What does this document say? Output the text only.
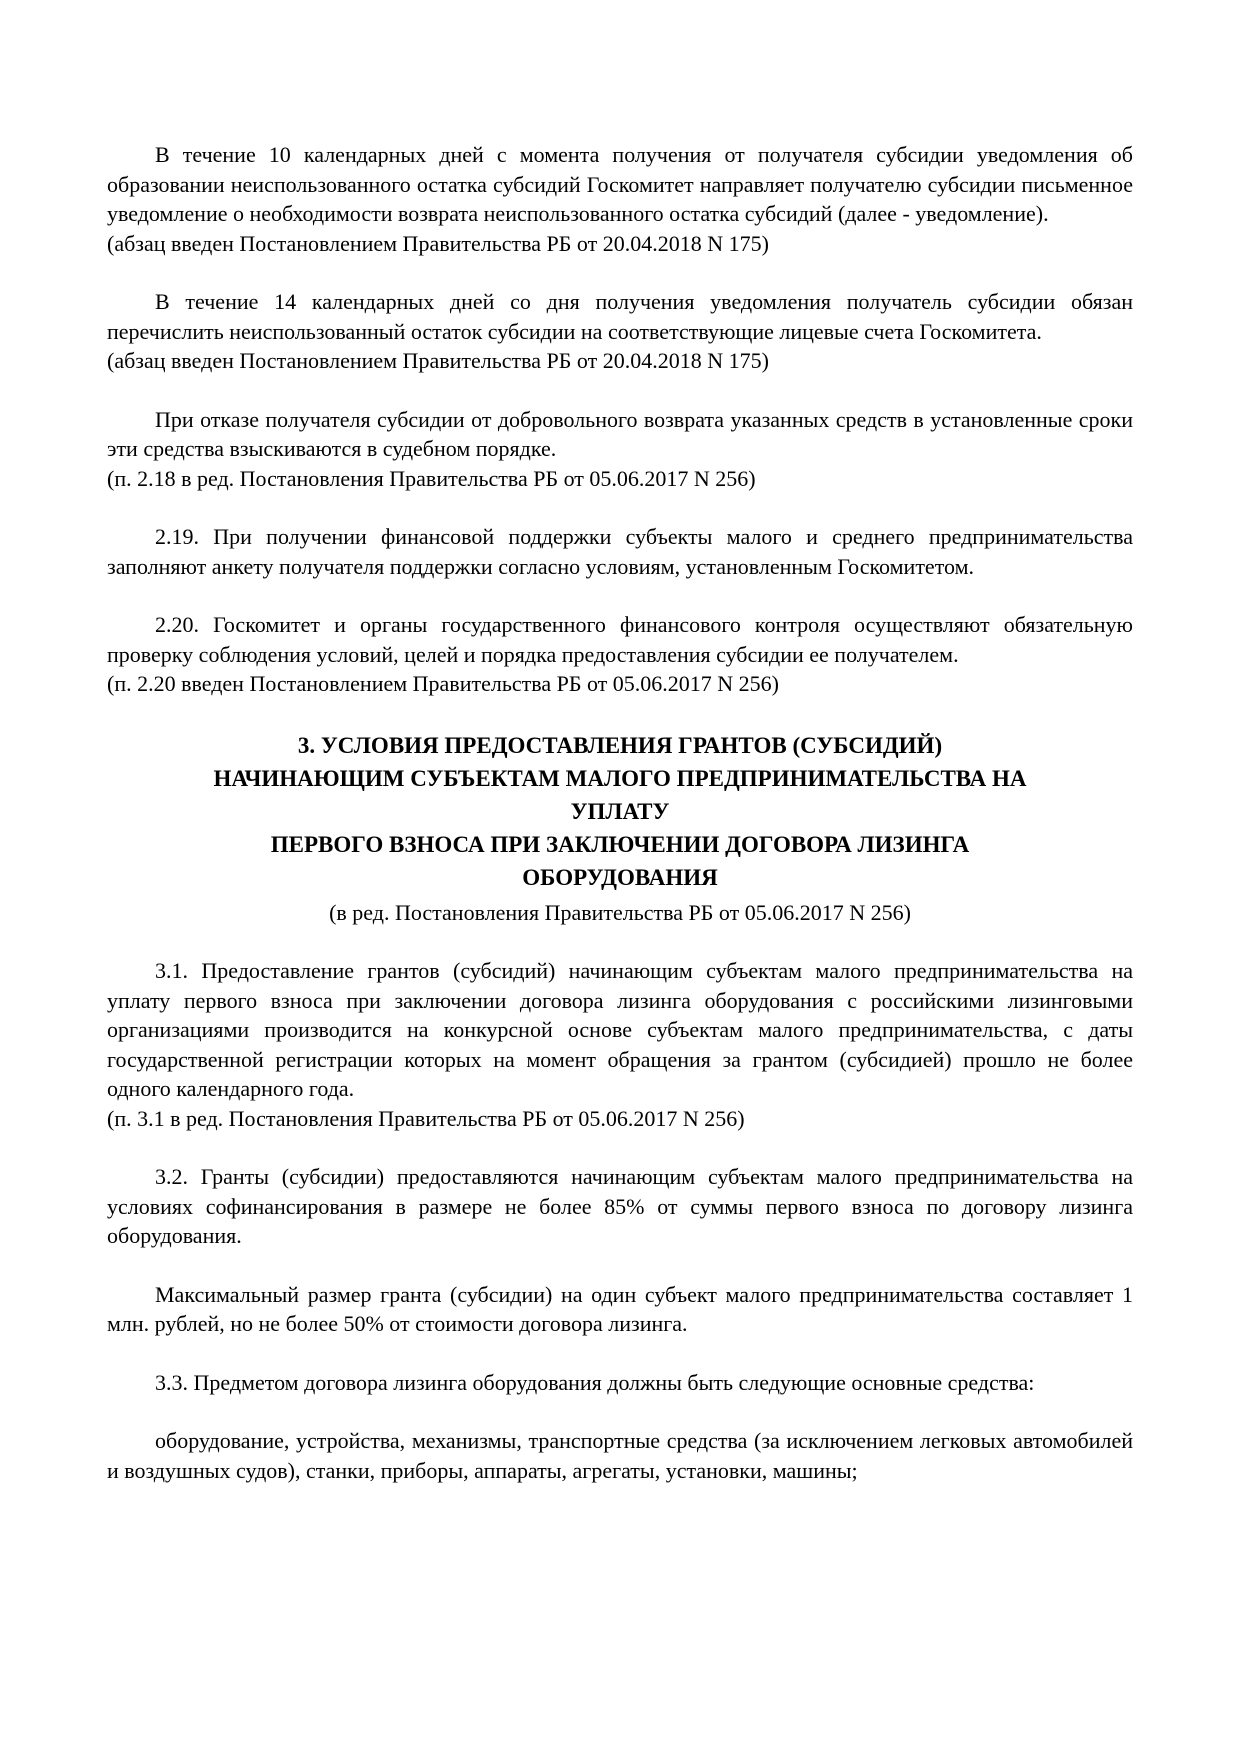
В течение 10 календарных дней с момента получения от получателя субсидии уведомления об образовании неиспользованного остатка субсидий Госкомитет направляет получателю субсидии письменное уведомление о необходимости возврата неиспользованного остатка субсидий (далее - уведомление).

(абзац введен Постановлением Правительства РБ от 20.04.2018 N 175)

В течение 14 календарных дней со дня получения уведомления получатель субсидии обязан перечислить неиспользованный остаток субсидии на соответствующие лицевые счета Госкомитета.

(абзац введен Постановлением Правительства РБ от 20.04.2018 N 175)

При отказе получателя субсидии от добровольного возврата указанных средств в установленные сроки эти средства взыскиваются в судебном порядке.

(п. 2.18 в ред. Постановления Правительства РБ от 05.06.2017 N 256)

2.19. При получении финансовой поддержки субъекты малого и среднего предпринимательства заполняют анкету получателя поддержки согласно условиям, установленным Госкомитетом.

2.20. Госкомитет и органы государственного финансового контроля осуществляют обязательную проверку соблюдения условий, целей и порядка предоставления субсидии ее получателем.

(п. 2.20 введен Постановлением Правительства РБ от 05.06.2017 N 256)

3. УСЛОВИЯ ПРЕДОСТАВЛЕНИЯ ГРАНТОВ (СУБСИДИЙ)
НАЧИНАЮЩИМ СУБЪЕКТАМ МАЛОГО ПРЕДПРИНИМАТЕЛЬСТВА НА
УПЛАТУ
ПЕРВОГО ВЗНОСА ПРИ ЗАКЛЮЧЕНИИ ДОГОВОРА ЛИЗИНГА
ОБОРУДОВАНИЯ

(в ред. Постановления Правительства РБ от 05.06.2017 N 256)

3.1. Предоставление грантов (субсидий) начинающим субъектам малого предпринимательства на уплату первого взноса при заключении договора лизинга оборудования с российскими лизинговыми организациями производится на конкурсной основе субъектам малого предпринимательства, с даты государственной регистрации которых на момент обращения за грантом (субсидией) прошло не более одного календарного года.

(п. 3.1 в ред. Постановления Правительства РБ от 05.06.2017 N 256)

3.2. Гранты (субсидии) предоставляются начинающим субъектам малого предпринимательства на условиях софинансирования в размере не более 85% от суммы первого взноса по договору лизинга оборудования.

Максимальный размер гранта (субсидии) на один субъект малого предпринимательства составляет 1 млн. рублей, но не более 50% от стоимости договора лизинга.

3.3. Предметом договора лизинга оборудования должны быть следующие основные средства:

оборудование, устройства, механизмы, транспортные средства (за исключением легковых автомобилей и воздушных судов), станки, приборы, аппараты, агрегаты, установки, машины;
